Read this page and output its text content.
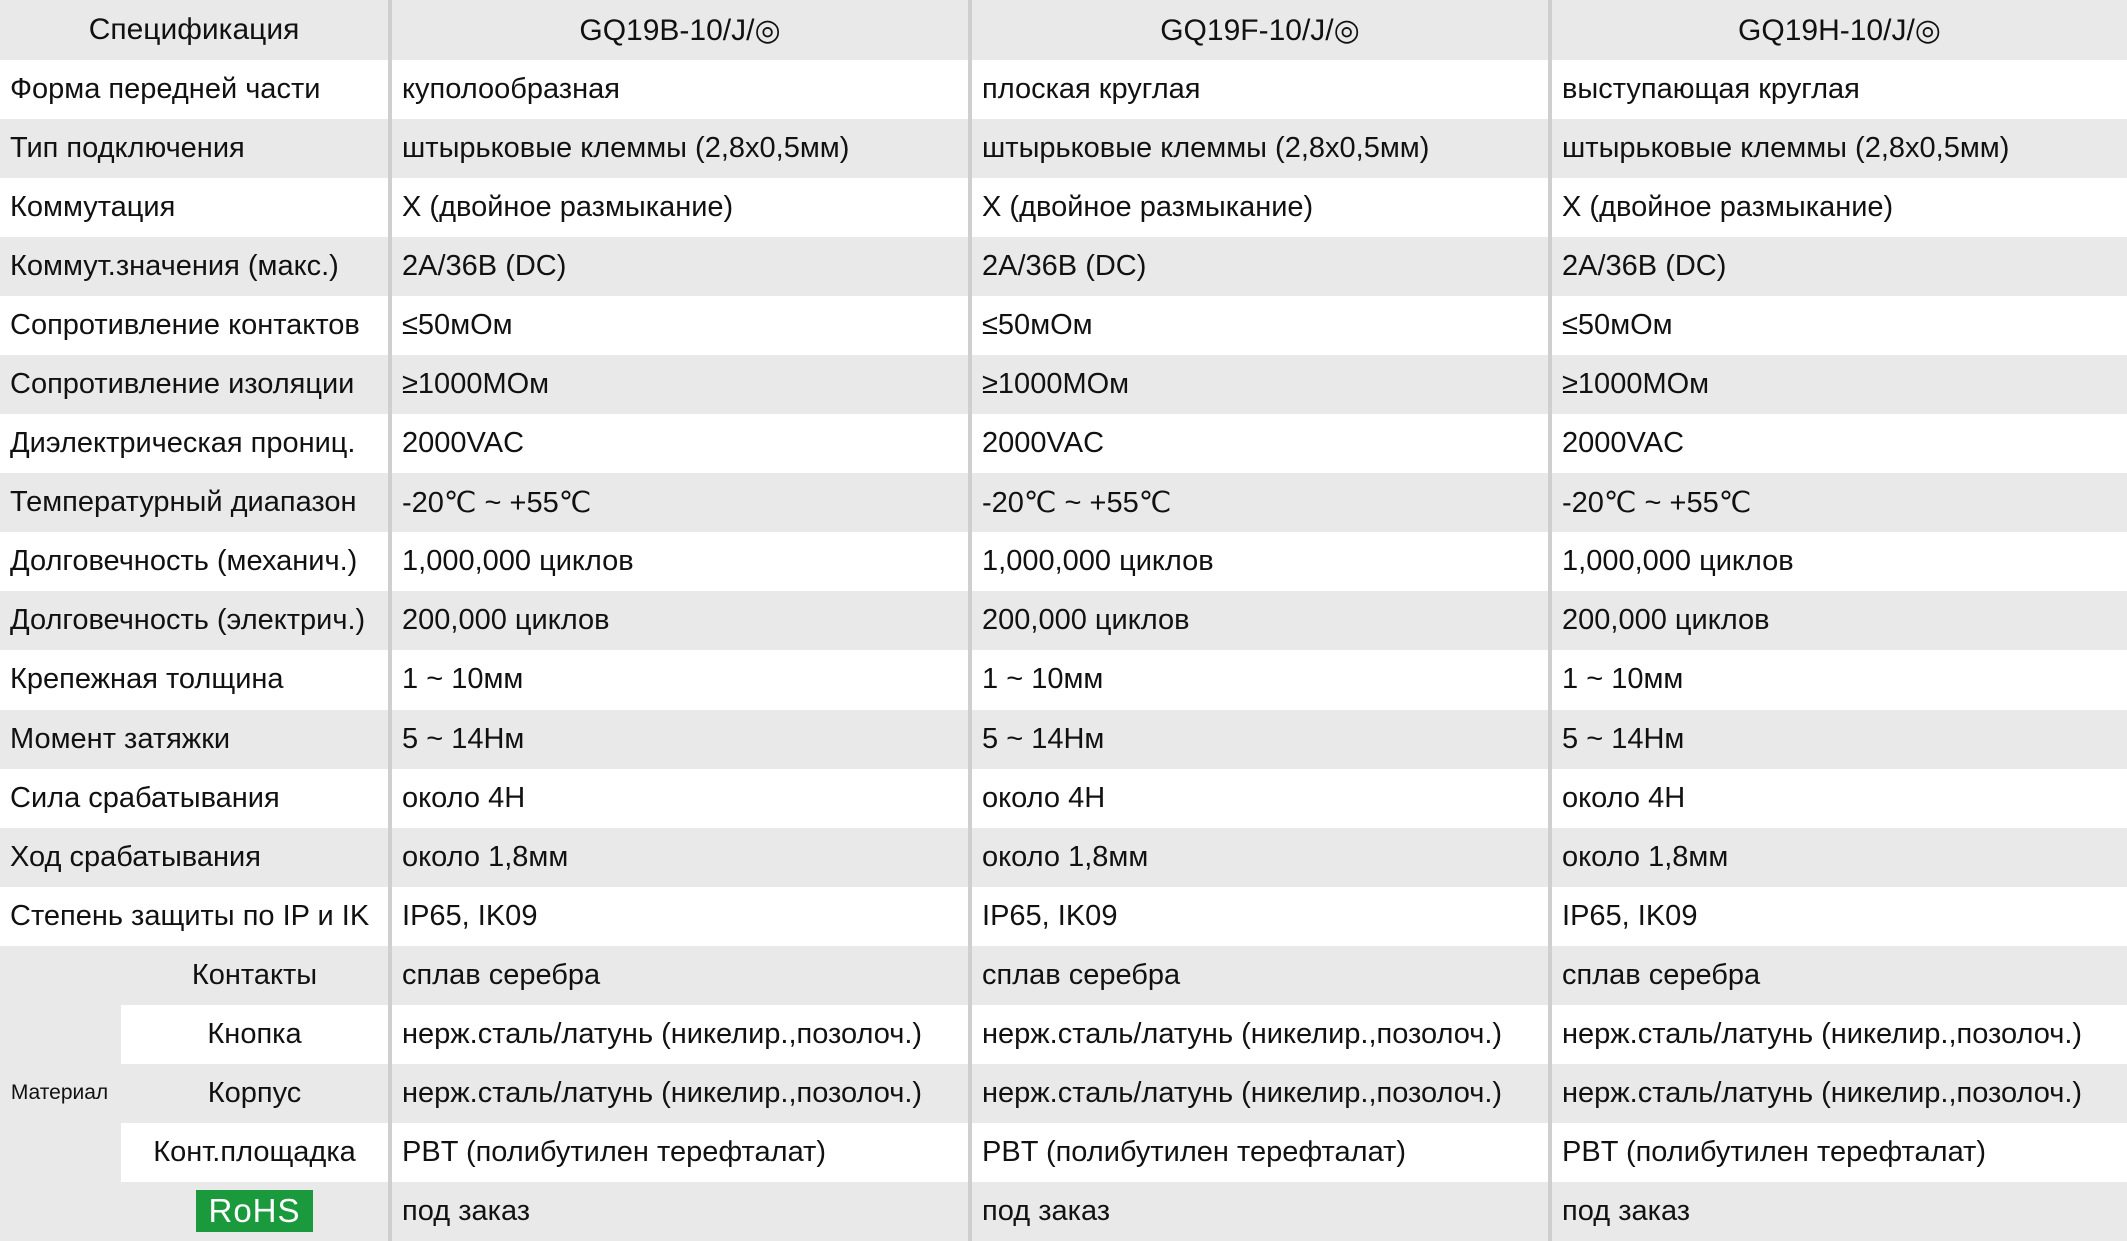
Спецификация		GQ19B-10/J/◎	GQ19F-10/J/◎	GQ19H-10/J/◎
Форма передней части		куполообразная	плоская круглая	выступающая круглая
Тип подключения		штырьковые клеммы (2,8х0,5мм)	штырьковые клеммы (2,8х0,5мм)	штырьковые клеммы (2,8х0,5мм)
Коммутация		X (двойное размыкание)	X (двойное размыкание)	X (двойное размыкание)
Коммут.значения (макс.)		2A/36B (DC)	2A/36B (DC)	2A/36B (DC)
Сопротивление контактов		≤50мОм	≤50мОм	≤50мОм
Сопротивление изоляции		≥1000МОм	≥1000МОм	≥1000МОм
Диэлектрическая прониц.		2000VAC	2000VAC	2000VAC
Температурный диапазон		-20℃ ~ +55℃	-20℃ ~ +55℃	-20℃ ~ +55℃
Долговечность (механич.)		1,000,000 циклов	1,000,000 циклов	1,000,000 циклов
Долговечность (электрич.)		200,000 циклов	200,000 циклов	200,000 циклов
Крепежная толщина		1 ~ 10мм	1 ~ 10мм	1 ~ 10мм
Момент затяжки		5 ~ 14Нм	5 ~ 14Нм	5 ~ 14Нм
Сила срабатывания		около 4Н	около 4Н	около 4Н
Ход срабатывания		около 1,8мм	около 1,8мм	около 1,8мм
Степень защиты по IP и IK		IP65, IK09	IP65, IK09	IP65, IK09
Материал	Контакты	сплав серебра	сплав серебра	сплав серебра
	Кнопка	нерж.сталь/латунь (никелир.,позолоч.)	нерж.сталь/латунь (никелир.,позолоч.)	нерж.сталь/латунь (никелир.,позолоч.)
	Корпус	нерж.сталь/латунь (никелир.,позолоч.)	нерж.сталь/латунь (никелир.,позолоч.)	нерж.сталь/латунь (никелир.,позолоч.)
	Конт.площадка	PBT (полибутилен терефталат)	PBT (полибутилен терефталат)	PBT (полибутилен терефталат)
	RoHS	под заказ	под заказ	под заказ
